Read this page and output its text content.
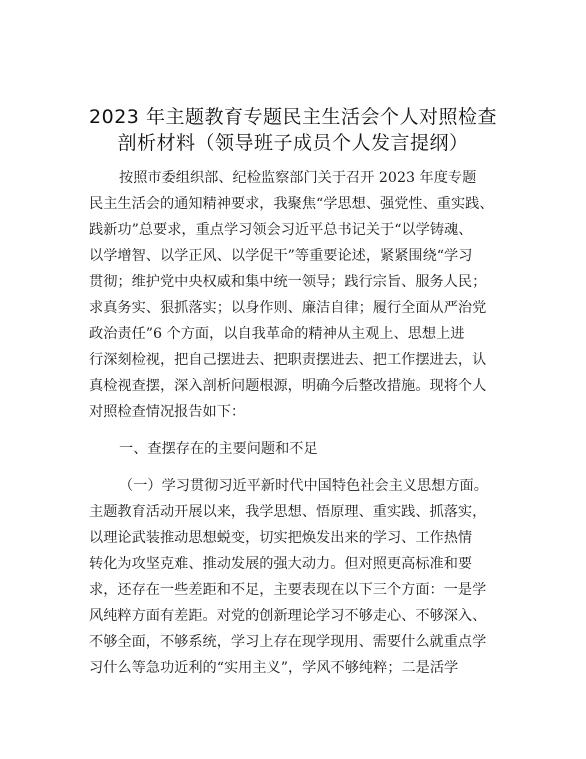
2023 年主题教育专题民主生活会个人对照检查
剖析材料（领导班子成员个人发言提纲）
按照市委组织部、纪检监察部门关于召开 2023 年度专题
民主生活会的通知精神要求，我聚焦“学思想、强党性、重实践、
践新功”总要求，重点学习领会习近平总书记关于“以学铸魂、
以学增智、以学正风、以学促干”等重要论述，紧紧围绕“学习
贯彻；维护党中央权威和集中统一领导；践行宗旨、服务人民；
求真务实、狠抓落实；以身作则、廉洁自律；履行全面从严治党
政治责任”6 个方面，以自我革命的精神从主观上、思想上进
行深刻检视，把自己摆进去、把职责摆进去、把工作摆进去，认
真检视查摆，深入剖析问题根源，明确今后整改措施。现将个人
对照检查情况报告如下：
一、查摆存在的主要问题和不足
（一）学习贯彻习近平新时代中国特色社会主义思想方面。
主题教育活动开展以来，我学思想、悟原理、重实践、抓落实，
以理论武装推动思想蜕变，切实把焕发出来的学习、工作热情
转化为攻坚克难、推动发展的强大动力。但对照更高标准和要
求，还存在一些差距和不足，主要表现在以下三个方面：一是学
风纯粹方面有差距。对党的创新理论学习不够走心、不够深入、
不够全面，不够系统，学习上存在现学现用、需要什么就重点学
习什么等急功近利的“实用主义”，学风不够纯粹；二是活学
